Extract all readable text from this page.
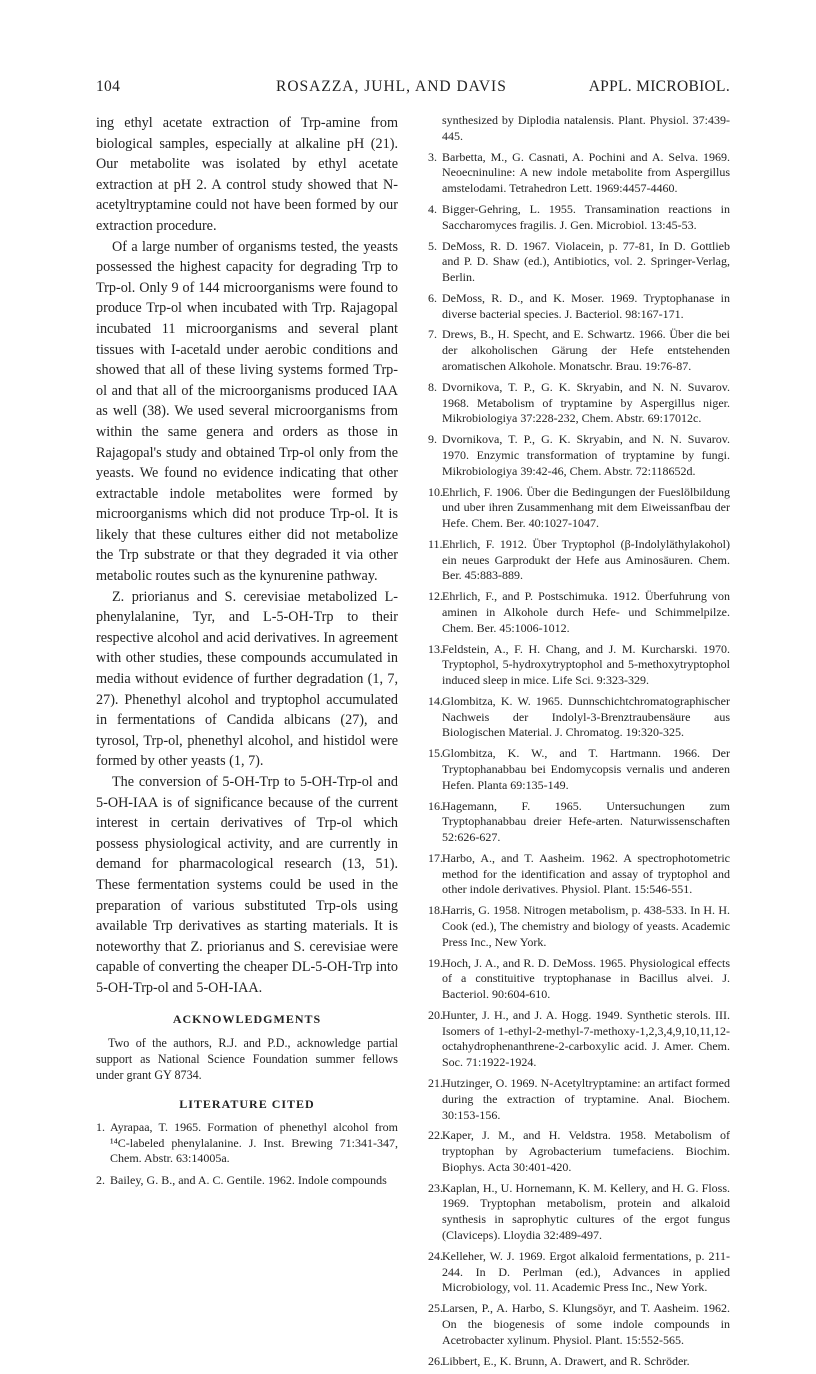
104	ROSAZZA, JUHL, AND DAVIS	APPL. MICROBIOL.

ing ethyl acetate extraction of Trp-amine from biological samples, especially at alkaline pH (21). Our metabolite was isolated by ethyl acetate extraction at pH 2. A control study showed that N-acetyltryptamine could not have been formed by our extraction procedure.

Of a large number of organisms tested, the yeasts possessed the highest capacity for degrading Trp to Trp-ol. Only 9 of 144 microorganisms were found to produce Trp-ol when incubated with Trp. Rajagopal incubated 11 microorganisms and several plant tissues with I-acetald under aerobic conditions and showed that all of these living systems formed Trp-ol and that all of the microorganisms produced IAA as well (38). We used several microorganisms from within the same genera and orders as those in Rajagopal's study and obtained Trp-ol only from the yeasts. We found no evidence indicating that other extractable indole metabolites were formed by microorganisms which did not produce Trp-ol. It is likely that these cultures either did not metabolize the Trp substrate or that they degraded it via other metabolic routes such as the kynurenine pathway.

Z. priorianus and S. cerevisiae metabolized L-phenylalanine, Tyr, and L-5-OH-Trp to their respective alcohol and acid derivatives. In agreement with other studies, these compounds accumulated in media without evidence of further degradation (1, 7, 27). Phenethyl alcohol and tryptophol accumulated in fermentations of Candida albicans (27), and tyrosol, Trp-ol, phenethyl alcohol, and histidol were formed by other yeasts (1, 7).

The conversion of 5-OH-Trp to 5-OH-Trp-ol and 5-OH-IAA is of significance because of the current interest in certain derivatives of Trp-ol which possess physiological activity, and are currently in demand for pharmacological research (13, 51). These fermentation systems could be used in the preparation of various substituted Trp-ols using available Trp derivatives as starting materials. It is noteworthy that Z. priorianus and S. cerevisiae were capable of converting the cheaper DL-5-OH-Trp into 5-OH-Trp-ol and 5-OH-IAA.

ACKNOWLEDGMENTS

Two of the authors, R.J. and P.D., acknowledge partial support as National Science Foundation summer fellows under grant GY 8734.

LITERATURE CITED
1. Ayrapaa, T. 1965. Formation of phenethyl alcohol from ¹⁴C-labeled phenylalanine. J. Inst. Brewing 71:341-347, Chem. Abstr. 63:14005a.
2. Bailey, G. B., and A. C. Gentile. 1962. Indole compounds
synthesized by Diplodia natalensis. Plant. Physiol. 37:439-445.
3. Barbetta, M., G. Casnati, A. Pochini and A. Selva. 1969. Neoecninuline: A new indole metabolite from Aspergillus amstelodami. Tetrahedron Lett. 1969:4457-4460.
4. Bigger-Gehring, L. 1955. Transamination reactions in Saccharomyces fragilis. J. Gen. Microbiol. 13:45-53.
5. DeMoss, R. D. 1967. Violacein, p. 77-81, In D. Gottlieb and P. D. Shaw (ed.), Antibiotics, vol. 2. Springer-Verlag, Berlin.
6. DeMoss, R. D., and K. Moser. 1969. Tryptophanase in diverse bacterial species. J. Bacteriol. 98:167-171.
7. Drews, B., H. Specht, and E. Schwartz. 1966. Über die bei der alkoholischen Gärung der Hefe entstehenden aromatischen Alkohole. Monatschr. Brau. 19:76-87.
8. Dvornikova, T. P., G. K. Skryabin, and N. N. Suvarov. 1968. Metabolism of tryptamine by Aspergillus niger. Mikrobiologiya 37:228-232, Chem. Abstr. 69:17012c.
9. Dvornikova, T. P., G. K. Skryabin, and N. N. Suvarov. 1970. Enzymic transformation of tryptamine by fungi. Mikrobiologiya 39:42-46, Chem. Abstr. 72:118652d.
10. Ehrlich, F. 1906. Über die Bedingungen der Fueslölbildung und uber ihren Zusammenhang mit dem Eiweissanfbau der Hefe. Chem. Ber. 40:1027-1047.
11. Ehrlich, F. 1912. Über Tryptophol (β-Indolyläthylakohol) ein neues Garprodukt der Hefe aus Aminosäuren. Chem. Ber. 45:883-889.
12. Ehrlich, F., and P. Postschimuka. 1912. Überfuhrung von aminen in Alkohole durch Hefe- und Schimmelpilze. Chem. Ber. 45:1006-1012.
13. Feldstein, A., F. H. Chang, and J. M. Kurcharski. 1970. Tryptophol, 5-hydroxytryptophol and 5-methoxytryptophol induced sleep in mice. Life Sci. 9:323-329.
14. Glombitza, K. W. 1965. Dunnschichtchromatographischer Nachweis der Indolyl-3-Brenztraubensäure aus Biologischen Material. J. Chromatog. 19:320-325.
15. Glombitza, K. W., and T. Hartmann. 1966. Der Tryptophanabbau bei Endomycopsis vernalis und anderen Hefen. Planta 69:135-149.
16. Hagemann, F. 1965. Untersuchungen zum Tryptophanabbau dreier Hefe-arten. Naturwissenschaften 52:626-627.
17. Harbo, A., and T. Aasheim. 1962. A spectrophotometric method for the identification and assay of tryptophol and other indole derivatives. Physiol. Plant. 15:546-551.
18. Harris, G. 1958. Nitrogen metabolism, p. 438-533. In H. H. Cook (ed.), The chemistry and biology of yeasts. Academic Press Inc., New York.
19. Hoch, J. A., and R. D. DeMoss. 1965. Physiological effects of a constituitive tryptophanase in Bacillus alvei. J. Bacteriol. 90:604-610.
20. Hunter, J. H., and J. A. Hogg. 1949. Synthetic sterols. III. Isomers of 1-ethyl-2-methyl-7-methoxy-1,2,3,4,9,10,11,12-octahydrophenanthrene-2-carboxylic acid. J. Amer. Chem. Soc. 71:1922-1924.
21. Hutzinger, O. 1969. N-Acetyltryptamine: an artifact formed during the extraction of tryptamine. Anal. Biochem. 30:153-156.
22. Kaper, J. M., and H. Veldstra. 1958. Metabolism of tryptophan by Agrobacterium tumefaciens. Biochim. Biophys. Acta 30:401-420.
23. Kaplan, H., U. Hornemann, K. M. Kellery, and H. G. Floss. 1969. Tryptophan metabolism, protein and alkaloid synthesis in saprophytic cultures of the ergot fungus (Claviceps). Lloydia 32:489-497.
24. Kelleher, W. J. 1969. Ergot alkaloid fermentations, p. 211-244. In D. Perlman (ed.), Advances in applied Microbiology, vol. 11. Academic Press Inc., New York.
25. Larsen, P., A. Harbo, S. Klungsöyr, and T. Aasheim. 1962. On the biogenesis of some indole compounds in Acetrobacter xylinum. Physiol. Plant. 15:552-565.
26. Libbert, E., K. Brunn, A. Drawert, and R. Schröder.
